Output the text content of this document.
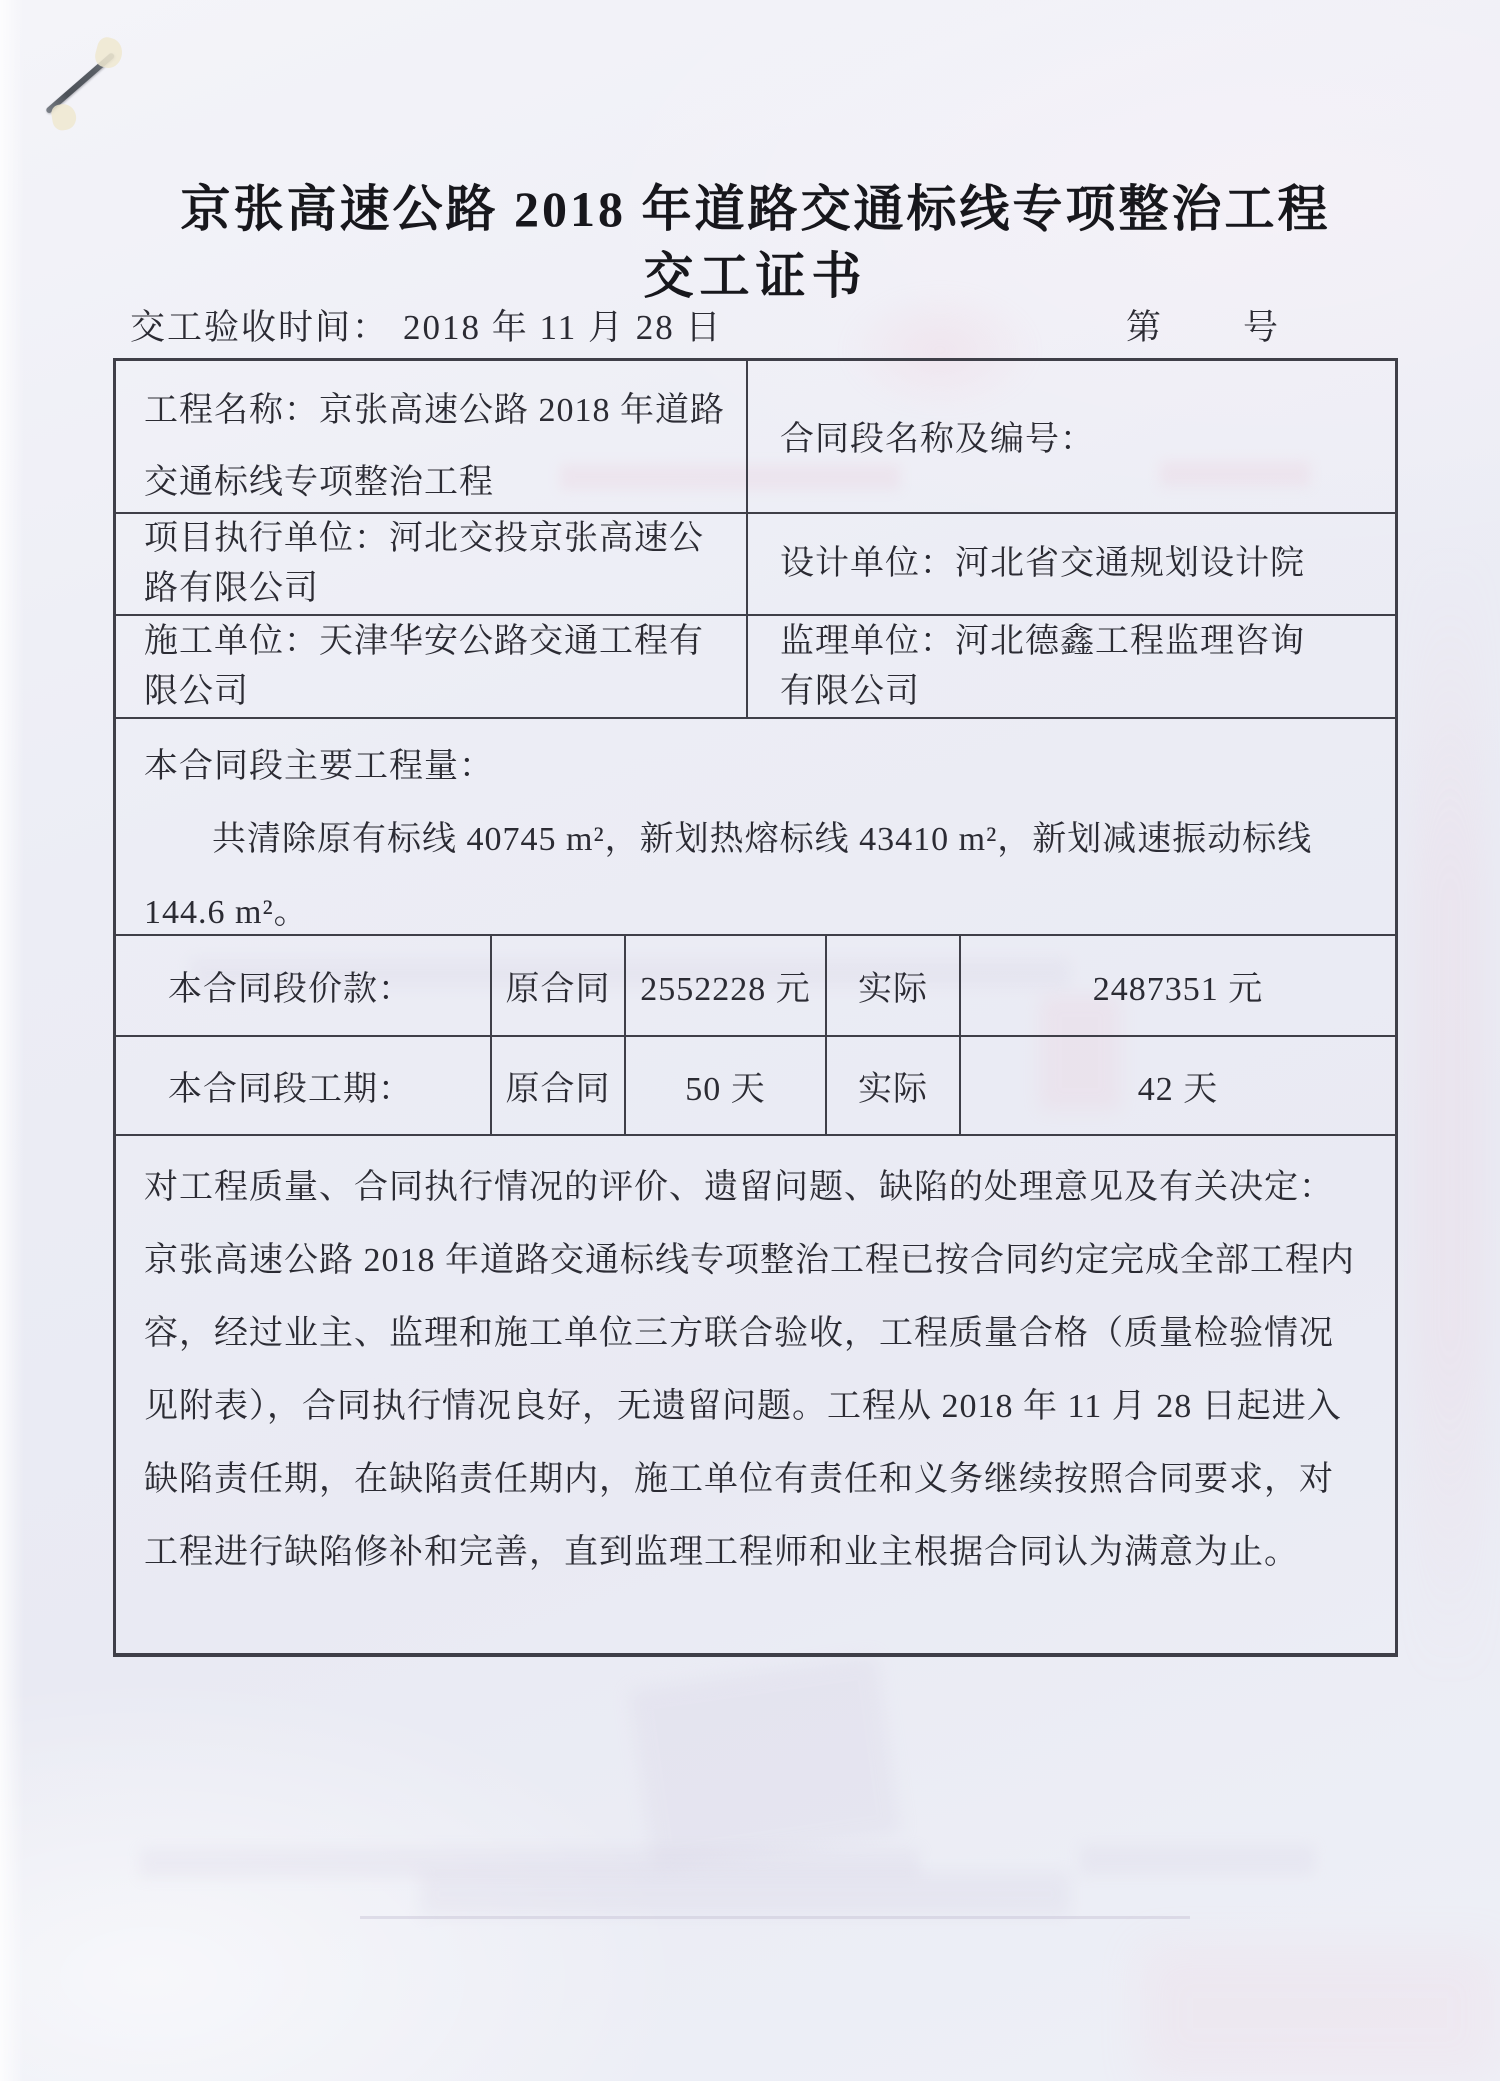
京张高速公路 2018 年道路交通标线专项整治工程
交工证书
交工验收时间： 2018 年 11 月 28 日	第 号
工程名称：京张高速公路 2018 年道路交通标线专项整治工程
合同段名称及编号：
项目执行单位：河北交投京张高速公路有限公司
设计单位：河北省交通规划设计院
施工单位：天津华安公路交通工程有限公司
监理单位：河北德鑫工程监理咨询有限公司
本合同段主要工程量：
共清除原有标线 40745 m²，新划热熔标线 43410 m²，新划减速振动标线 144.6 m²。
本合同段价款：	原合同 2552228 元	实际	2487351 元
本合同段工期：	原合同	50 天	实际	42 天
对工程质量、合同执行情况的评价、遗留问题、缺陷的处理意见及有关决定：
京张高速公路 2018 年道路交通标线专项整治工程已按合同约定完成全部工程内容，经过业主、监理和施工单位三方联合验收，工程质量合格（质量检验情况见附表），合同执行情况良好，无遗留问题。工程从 2018 年 11 月 28 日起进入缺陷责任期，在缺陷责任期内，施工单位有责任和义务继续按照合同要求，对工程进行缺陷修补和完善，直到监理工程师和业主根据合同认为满意为止。
